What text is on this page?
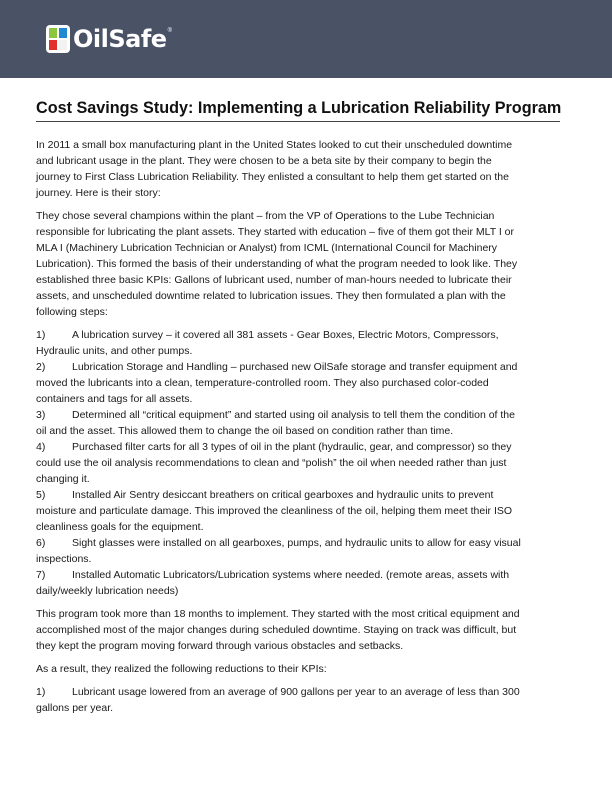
OilSafe ®
Cost Savings Study: Implementing a Lubrication Reliability Program

In 2011 a small box manufacturing plant in the United States looked to cut their unscheduled downtime
and lubricant usage in the plant. They were chosen to be a beta site by their company to begin the
journey to First Class Lubrication Reliability. They enlisted a consultant to help them get started on the
journey. Here is their story:

They chose several champions within the plant – from the VP of Operations to the Lube Technician
responsible for lubricating the plant assets. They started with education – five of them got their MLT I or
MLA I (Machinery Lubrication Technician or Analyst) from ICML (International Council for Machinery
Lubrication). This formed the basis of their understanding of what the program needed to look like. They
established three basic KPIs: Gallons of lubricant used, number of man-hours needed to lubricate their
assets, and unscheduled downtime related to lubrication issues. They then formulated a plan with the
following steps:

1)	A lubrication survey – it covered all 381 assets - Gear Boxes, Electric Motors, Compressors,
Hydraulic units, and other pumps.
2)	Lubrication Storage and Handling – purchased new OilSafe storage and transfer equipment and
moved the lubricants into a clean, temperature-controlled room. They also purchased color-coded
containers and tags for all assets.
3)	Determined all “critical equipment” and started using oil analysis to tell them the condition of the
oil and the asset. This allowed them to change the oil based on condition rather than time.
4)	Purchased filter carts for all 3 types of oil in the plant (hydraulic, gear, and compressor) so they
could use the oil analysis recommendations to clean and “polish” the oil when needed rather than just
changing it.
5)	Installed Air Sentry desiccant breathers on critical gearboxes and hydraulic units to prevent
moisture and particulate damage. This improved the cleanliness of the oil, helping them meet their ISO
cleanliness goals for the equipment.
6)	Sight glasses were installed on all gearboxes, pumps, and hydraulic units to allow for easy visual
inspections.
7)	Installed Automatic Lubricators/Lubrication systems where needed. (remote areas, assets with
daily/weekly lubrication needs)

This program took more than 18 months to implement. They started with the most critical equipment and
accomplished most of the major changes during scheduled downtime. Staying on track was difficult, but
they kept the program moving forward through various obstacles and setbacks.

As a result, they realized the following reductions to their KPIs:

1)	Lubricant usage lowered from an average of 900 gallons per year to an average of less than 300
gallons per year.
